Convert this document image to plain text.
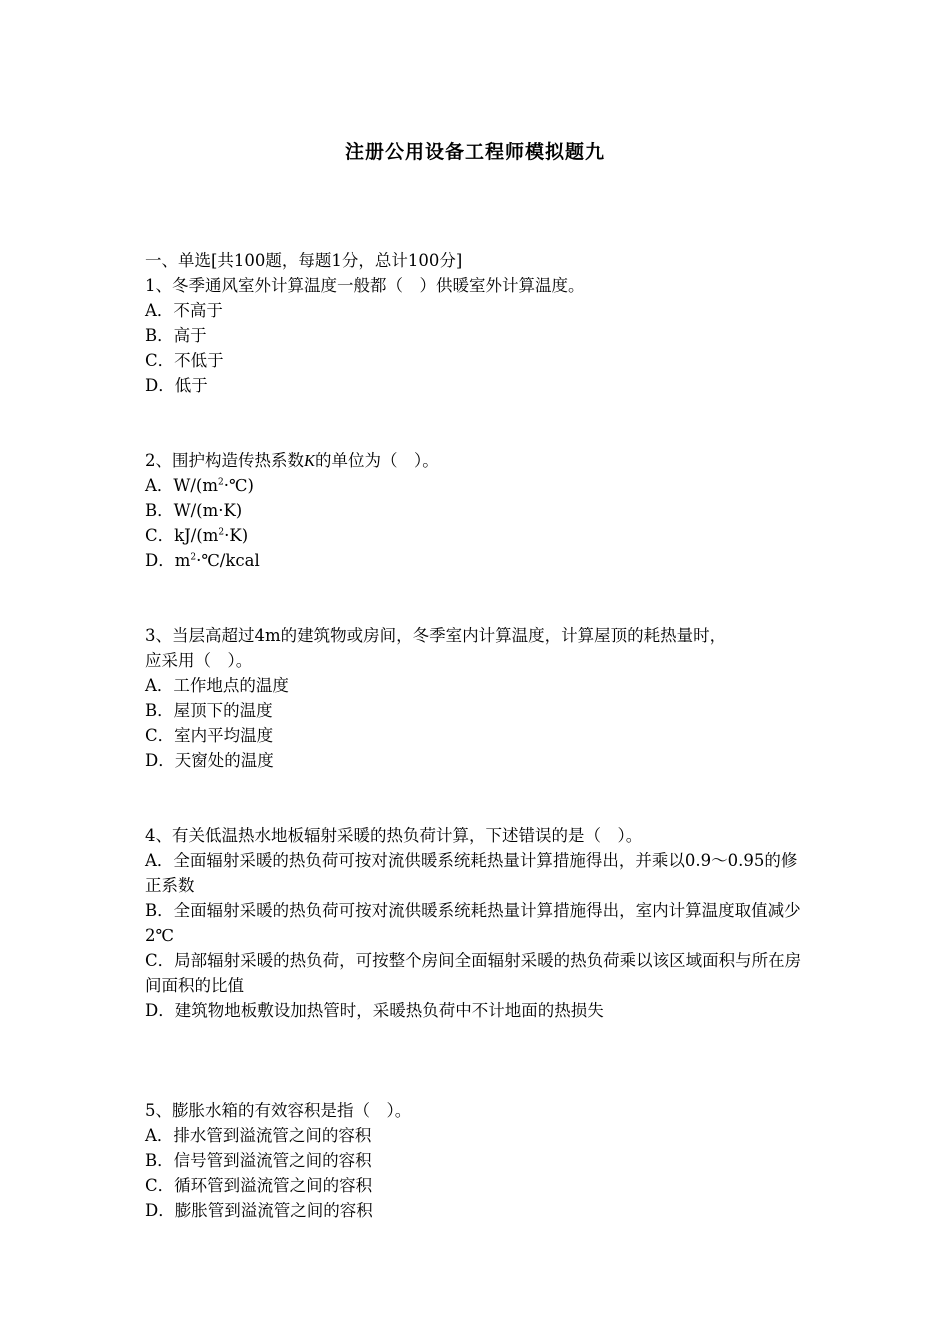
注册公用设备工程师模拟题九

一、单选[共100题，每题1分，总计100分]

1、冬季通风室外计算温度一般都（　）供暖室外计算温度。

A．不高于

B．高于

C．不低于

D．低于

2、围护构造传热系数K的单位为（　）。

A．$W/(m^2\cdot℃)$

B．W/(m·K)

C．$kJ/(m^2\cdot K)$

D．$m^2\cdot℃$/kcal

3、当层高超过4m的建筑物或房间，冬季室内计算温度，计算屋顶的耗热量时，

应采用（　）。

A．工作地点的温度

B．屋顶下的温度

C．室内平均温度

D．天窗处的温度

4、有关低温热水地板辐射采暖的热负荷计算，下述错误的是（　）。

A．全面辐射采暖的热负荷可按对流供暖系统耗热量计算措施得出，并乘以0.9～0.95的修正系数

B．全面辐射采暖的热负荷可按对流供暖系统耗热量计算措施得出，室内计算温度取值减少2℃

C．局部辐射采暖的热负荷，可按整个房间全面辐射采暖的热负荷乘以该区域面积与所在房间面积的比值

D．建筑物地板敷设加热管时，采暖热负荷中不计地面的热损失

5、膨胀水箱的有效容积是指（　）。

A．排水管到溢流管之间的容积

B．信号管到溢流管之间的容积

C．循环管到溢流管之间的容积

D．膨胀管到溢流管之间的容积
